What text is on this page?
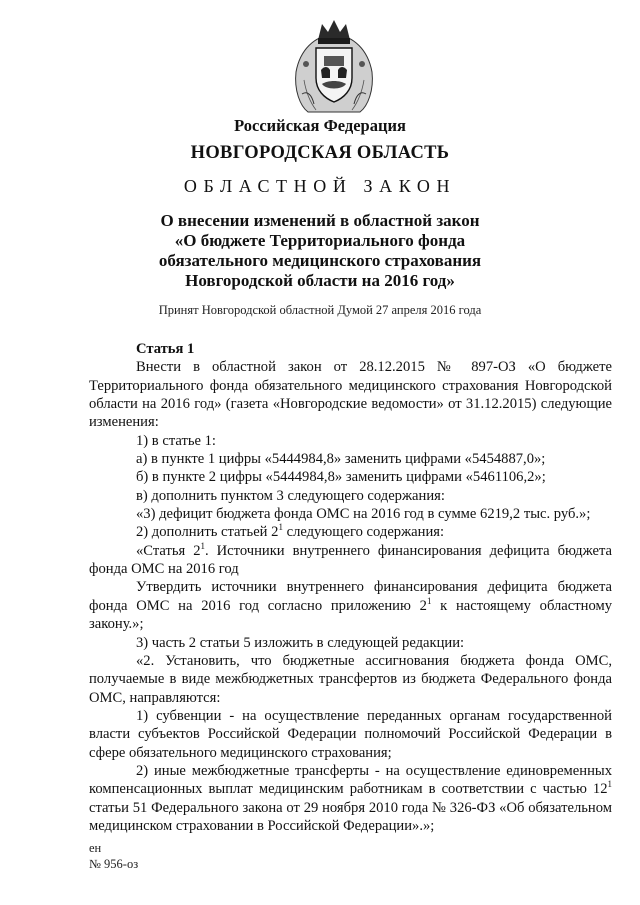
Российская Федерация
НОВГОРОДСКАЯ ОБЛАСТЬ
ОБЛАСТНОЙ ЗАКОН
О внесении изменений в областной закон
«О бюджете Территориального фонда
обязательного медицинского страхования
Новгородской области на 2016 год»
Принят Новгородской областной Думой 27 апреля 2016 года
Статья 1
Внести в областной закон от 28.12.2015 № 897-ОЗ «О бюджете Территориального фонда обязательного медицинского страхования Новгородской области на 2016 год» (газета «Новгородские ведомости» от 31.12.2015) следующие изменения:
1) в статье 1:
а) в пункте 1 цифры «5444984,8» заменить цифрами «5454887,0»;
б) в пункте 2 цифры «5444984,8» заменить цифрами «5461106,2»;
в) дополнить пунктом 3 следующего содержания:
«3) дефицит бюджета фонда ОМС на 2016 год в сумме 6219,2 тыс. руб.»;
2) дополнить статьей $2^1$ следующего содержания:
«Статья $2^1$. Источники внутреннего финансирования дефицита бюджета фонда ОМС на 2016 год
Утвердить источники внутреннего финансирования дефицита бюджета фонда ОМС на 2016 год согласно приложению $2^1$ к настоящему областному закону.»;
3) часть 2 статьи 5 изложить в следующей редакции:
«2. Установить, что бюджетные ассигнования бюджета фонда ОМС, получаемые в виде межбюджетных трансфертов из бюджета Федерального фонда ОМС, направляются:
1) субвенции - на осуществление переданных органам государственной власти субъектов Российской Федерации полномочий Российской Федерации в сфере обязательного медицинского страхования;
2) иные межбюджетные трансферты - на осуществление единовременных компенсационных выплат медицинским работникам в соответствии с частью $12^1$ статьи 51 Федерального закона от 29 ноября 2010 года № 326-ФЗ «Об обязательном медицинском страховании в Российской Федерации».»;
ен
№ 956-оз
